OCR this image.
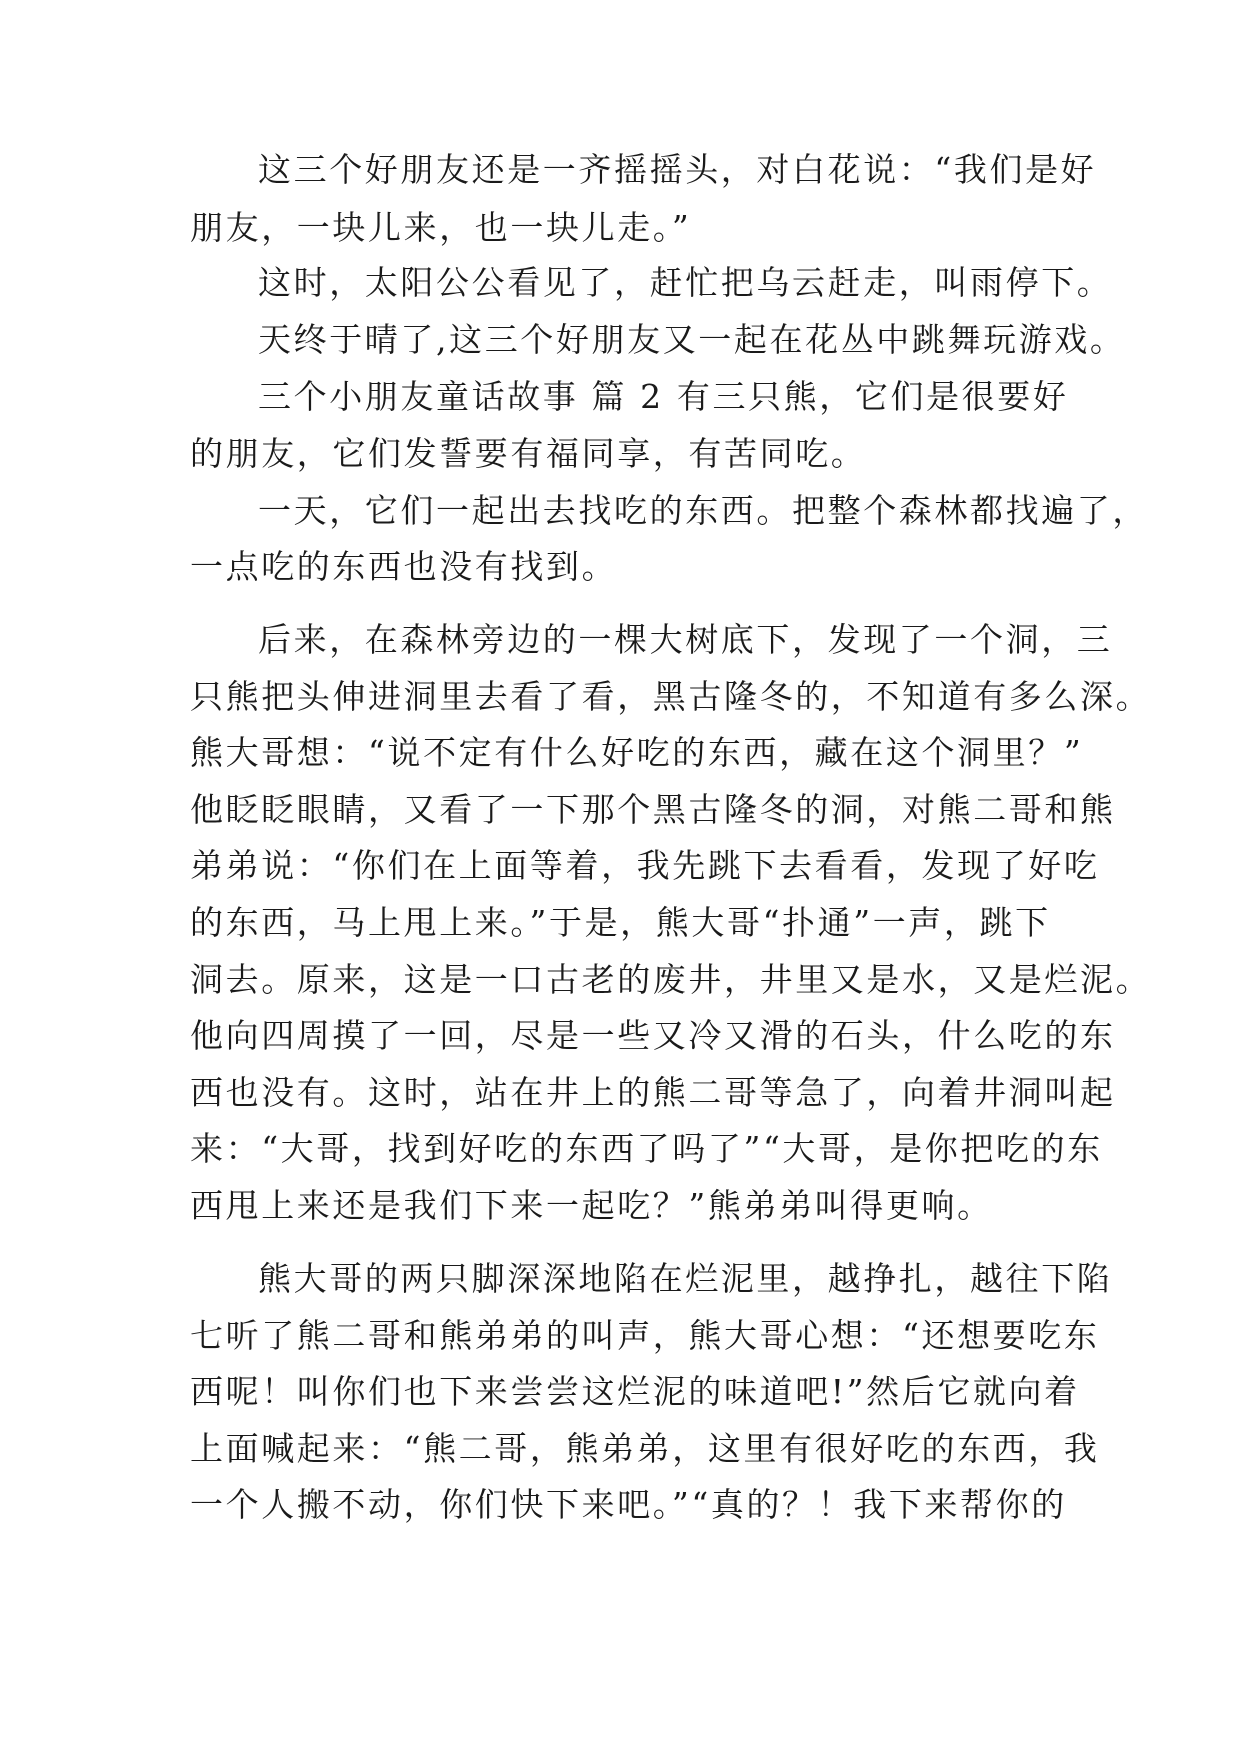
这三个好朋友还是一齐摇摇头，对白花说：“我们是好
朋友，一块儿来，也一块儿走。”
这时，太阳公公看见了，赶忙把乌云赶走，叫雨停下。
天终于晴了,这三个好朋友又一起在花丛中跳舞玩游戏。
三个小朋友童话故事 篇 2 有三只熊，它们是很要好
的朋友，它们发誓要有福同享，有苦同吃。
一天，它们一起出去找吃的东西。把整个森林都找遍了，
一点吃的东西也没有找到。
后来，在森林旁边的一棵大树底下，发现了一个洞，三
只熊把头伸进洞里去看了看，黑古隆冬的，不知道有多么深。
熊大哥想：“说不定有什么好吃的东西，藏在这个洞里？”
他眨眨眼睛，又看了一下那个黑古隆冬的洞，对熊二哥和熊
弟弟说：“你们在上面等着，我先跳下去看看，发现了好吃
的东西，马上甩上来。”于是，熊大哥“扑通”一声，跳下
洞去。原来，这是一口古老的废井，井里又是水，又是烂泥。
他向四周摸了一回，尽是一些又冷又滑的石头，什么吃的东
西也没有。这时，站在井上的熊二哥等急了，向着井洞叫起
来：“大哥，找到好吃的东西了吗了”“大哥，是你把吃的东
西甩上来还是我们下来一起吃？”熊弟弟叫得更响。
熊大哥的两只脚深深地陷在烂泥里，越挣扎，越往下陷
七听了熊二哥和熊弟弟的叫声，熊大哥心想：“还想要吃东
西呢！叫你们也下来尝尝这烂泥的味道吧!”然后它就向着
上面喊起来：“熊二哥，熊弟弟，这里有很好吃的东西，我
一个人搬不动，你们快下来吧。”“真的？！我下来帮你的
